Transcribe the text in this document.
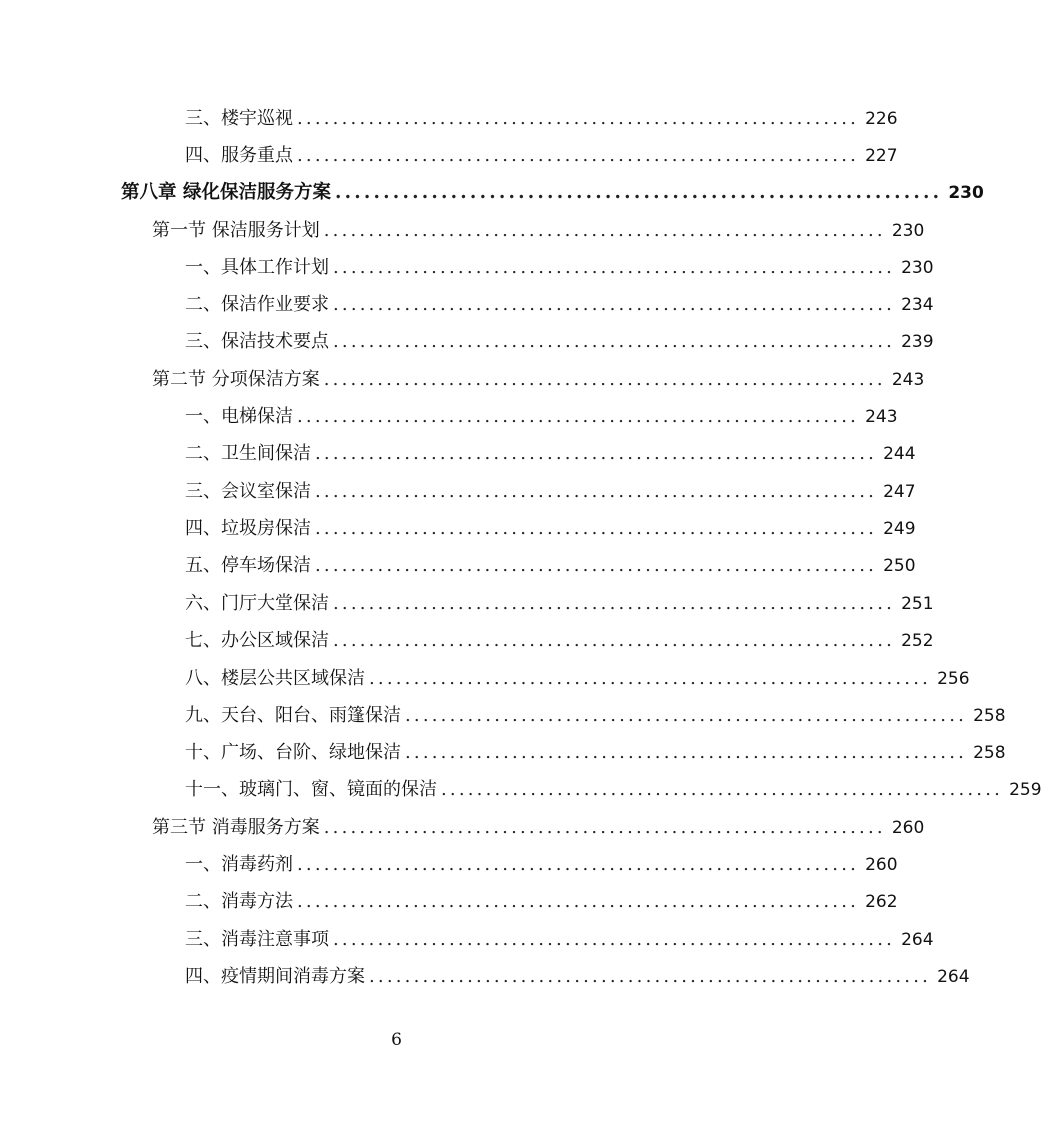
三、楼宇巡视 ............................................................... 226
四、服务重点 ............................................................... 227
第八章 绿化保洁服务方案 ............................................................... 230
第一节 保洁服务计划 ............................................................... 230
一、具体工作计划 ............................................................... 230
二、保洁作业要求 ............................................................... 234
三、保洁技术要点 ............................................................... 239
第二节 分项保洁方案 ............................................................... 243
一、电梯保洁 ............................................................... 243
二、卫生间保洁 ............................................................... 244
三、会议室保洁 ............................................................... 247
四、垃圾房保洁 ............................................................... 249
五、停车场保洁 ............................................................... 250
六、门厅大堂保洁 ............................................................... 251
七、办公区域保洁 ............................................................... 252
八、楼层公共区域保洁 ............................................................... 256
九、天台、阳台、雨篷保洁 ............................................................... 258
十、广场、台阶、绿地保洁 ............................................................... 258
十一、玻璃门、窗、镜面的保洁 ............................................................... 259
第三节 消毒服务方案 ............................................................... 260
一、消毒药剂 ............................................................... 260
二、消毒方法 ............................................................... 262
三、消毒注意事项 ............................................................... 264
四、疫情期间消毒方案 ............................................................... 264
6
